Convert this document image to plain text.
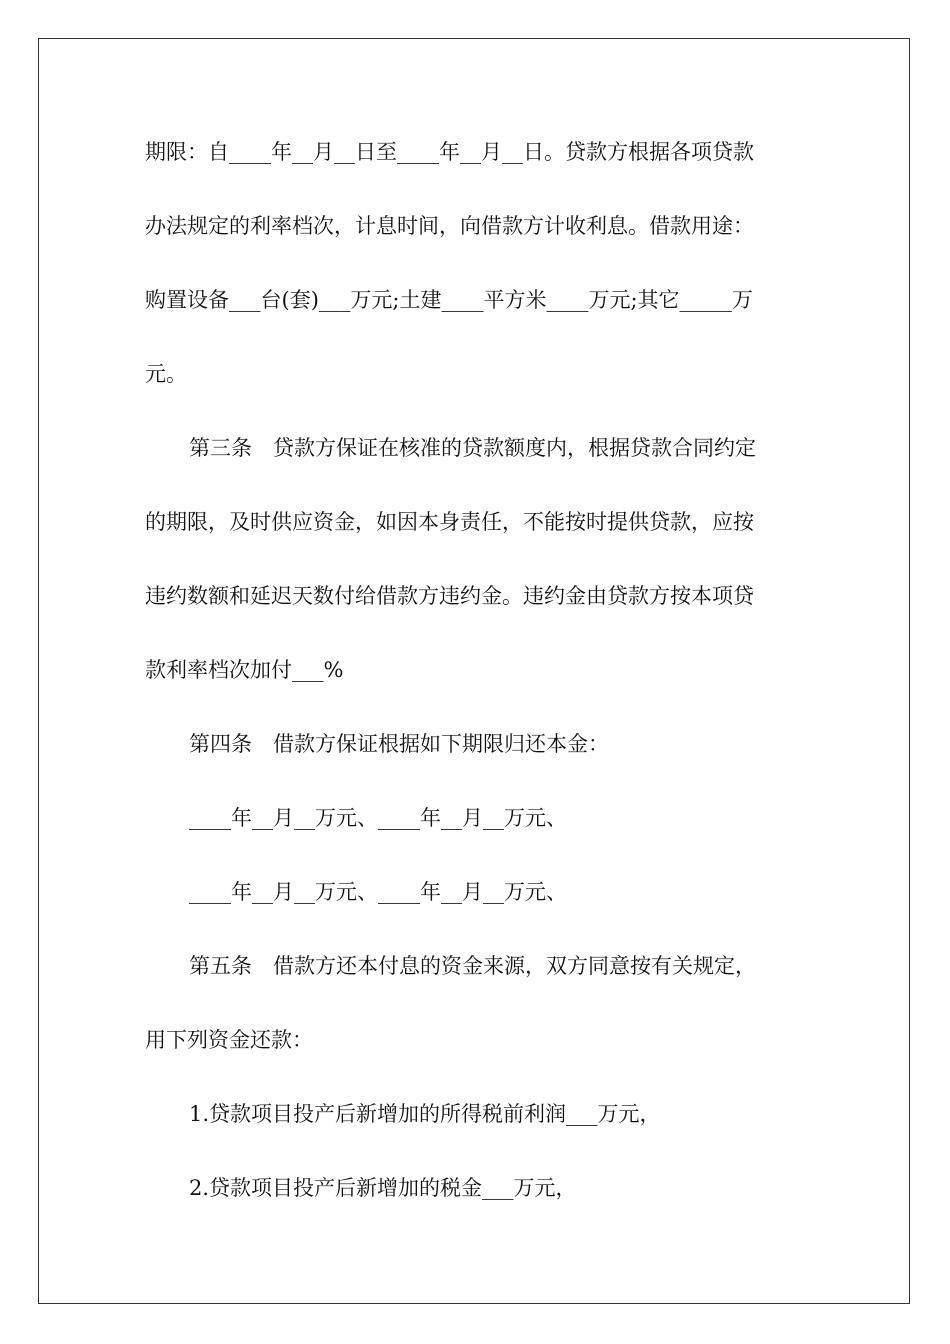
期限：自____年__月__日至____年__月__日。贷款方根据各项贷款
办法规定的利率档次，计息时间，向借款方计收利息。借款用途：
购置设备___台(套)___万元;土建____平方米____万元;其它_____万
元。
第三条　贷款方保证在核准的贷款额度内，根据贷款合同约定
的期限，及时供应资金，如因本身责任，不能按时提供贷款，应按
违约数额和延迟天数付给借款方违约金。违约金由贷款方按本项贷
款利率档次加付___%
第四条　借款方保证根据如下期限归还本金：
____年__月__万元、____年__月__万元、
____年__月__万元、____年__月__万元、
第五条　借款方还本付息的资金来源，双方同意按有关规定，
用下列资金还款：
1.贷款项目投产后新增加的所得税前利润___万元，
2.贷款项目投产后新增加的税金___万元，
